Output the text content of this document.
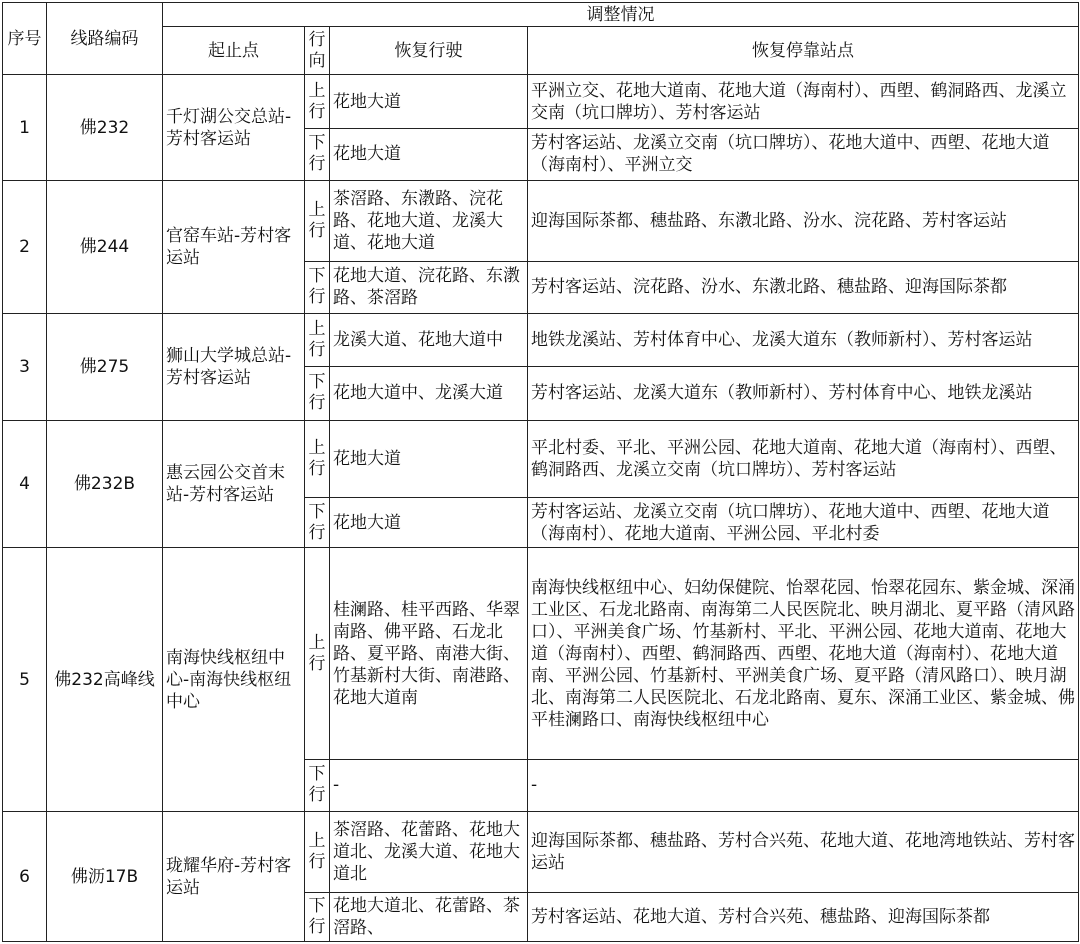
序号	线路编码	调整情况			
		起止点	行向	恢复行驶	恢复停靠站点
1	佛232	千灯湖公交总站-芳村客运站	上行	花地大道	平洲立交、花地大道南、花地大道（海南村）、西塱、鹤洞路西、龙溪立交南（坑口牌坊）、芳村客运站
			下行	花地大道	芳村客运站、龙溪立交南（坑口牌坊）、花地大道中、西塱、花地大道（海南村）、平洲立交
2	佛244	官窑车站-芳村客运站	上行	茶滘路、东漖路、浣花路、花地大道、龙溪大道、花地大道	迎海国际茶都、穗盐路、东漖北路、汾水、浣花路、芳村客运站
			下行	花地大道、浣花路、东漖路、茶滘路	芳村客运站、浣花路、汾水、东漖北路、穗盐路、迎海国际茶都
3	佛275	狮山大学城总站-芳村客运站	上行	龙溪大道、花地大道中	地铁龙溪站、芳村体育中心、龙溪大道东（教师新村）、芳村客运站
			下行	花地大道中、龙溪大道	芳村客运站、龙溪大道东（教师新村）、芳村体育中心、地铁龙溪站
4	佛232B	惠云园公交首末站-芳村客运站	上行	花地大道	平北村委、平北、平洲公园、花地大道南、花地大道（海南村）、西塱、鹤洞路西、龙溪立交南（坑口牌坊）、芳村客运站
			下行	花地大道	芳村客运站、龙溪立交南（坑口牌坊）、花地大道中、西塱、花地大道（海南村）、花地大道南、平洲公园、平北村委
5	佛232高峰线	南海快线枢纽中心-南海快线枢纽中心	上行	桂澜路、桂平西路、华翠南路、佛平路、石龙北路、夏平路、南港大街、竹基新村大街、南港路、花地大道南	南海快线枢纽中心、妇幼保健院、怡翠花园、怡翠花园东、紫金城、深涌工业区、石龙北路南、南海第二人民医院北、映月湖北、夏平路（清风路口）、平洲美食广场、竹基新村、平北、平洲公园、花地大道南、花地大道（海南村）、西塱、鹤洞路西、西塱、花地大道（海南村）、花地大道南、平洲公园、竹基新村、平洲美食广场、夏平路（清风路口）、映月湖北、南海第二人民医院北、石龙北路南、夏东、深涌工业区、紫金城、佛平桂澜路口、南海快线枢纽中心
			下行	-	-
6	佛沥17B	珑耀华府-芳村客运站	上行	茶滘路、花蕾路、花地大道北、龙溪大道、花地大道北	迎海国际茶都、穗盐路、芳村合兴苑、花地大道、花地湾地铁站、芳村客运站
			下行	花地大道北、花蕾路、茶滘路、	芳村客运站、花地大道、芳村合兴苑、穗盐路、迎海国际茶都
